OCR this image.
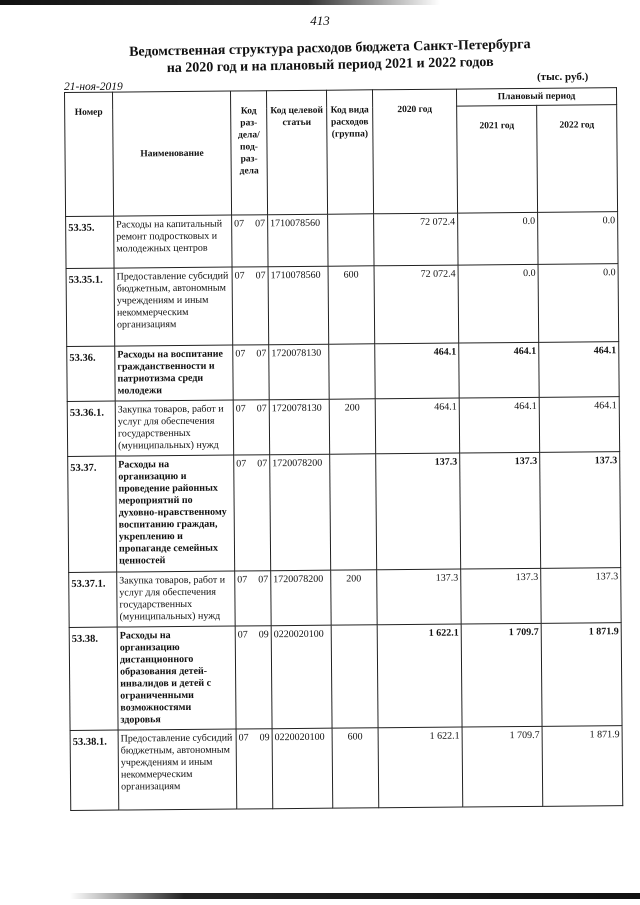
413
Ведомственная структура расходов бюджета Санкт-Петербурга
на 2020 год и на плановый период 2021 и 2022 годов
21-ноя-2019
(тыс. руб.)
Номер	Наименование	Код раз- дела/ под- раз- дела	Код целевой статьи	Код вида расходов (группа)	2020 год	Плановый период	
						2021 год	2022 год
53.35.	Расходы на капитальный ремонт подростковых и молодежных центров	07 07	1710078560		72 072.4	0.0	0.0
53.35.1.	Предоставление субсидий бюджетным, автономным учреждениям и иным некоммерческим организациям	07 07	1710078560	600	72 072.4	0.0	0.0
53.36.	Расходы на воспитание гражданственности и патриотизма среди молодежи	07 07	1720078130		464.1	464.1	464.1
53.36.1.	Закупка товаров, работ и услуг для обеспечения государственных (муниципальных) нужд	07 07	1720078130	200	464.1	464.1	464.1
53.37.	Расходы на организацию и проведение районных мероприятий по духовно-нравственному воспитанию граждан, укреплению и пропаганде семейных ценностей	07 07	1720078200		137.3	137.3	137.3
53.37.1.	Закупка товаров, работ и услуг для обеспечения государственных (муниципальных) нужд	07 07	1720078200	200	137.3	137.3	137.3
53.38.	Расходы на организацию дистанционного образования детей-инвалидов и детей с ограниченными возможностями здоровья	07 09	0220020100		1 622.1	1 709.7	1 871.9
53.38.1.	Предоставление субсидий бюджетным, автономным учреждениям и иным некоммерческим организациям	07 09	0220020100	600	1 622.1	1 709.7	1 871.9
